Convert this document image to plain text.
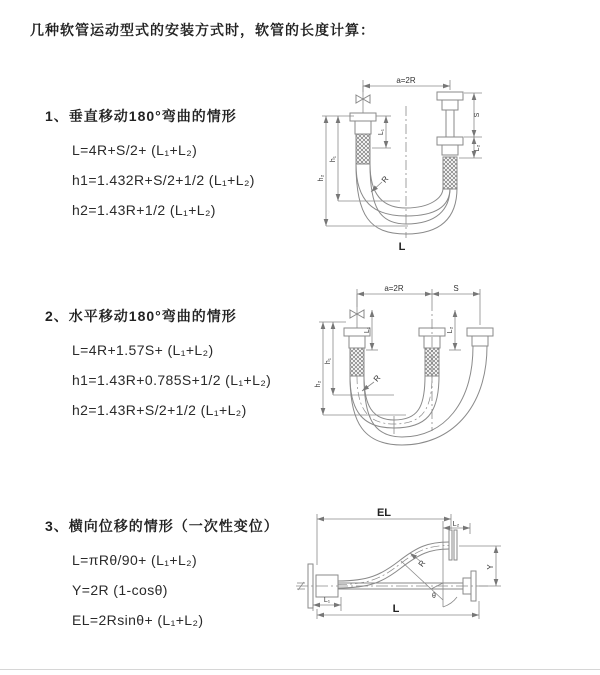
几种软管运动型式的安装方式时，软管的长度计算：
1、垂直移动180°弯曲的情形
L=4R+S/2+ (L₁+L₂)
h1=1.432R+S/2+1/2 (L₁+L₂)
h2=1.43R+1/2 (L₁+L₂)
2、水平移动180°弯曲的情形
L=4R+1.57S+ (L₁+L₂)
h1=1.43R+0.785S+1/2 (L₁+L₂)
h2=1.43R+S/2+1/2 (L₁+L₂)
3、横向位移的情形（一次性变位）
L=πRθ/90+ (L₁+L₂)
Y=2R (1-cosθ)
EL=2Rsinθ+ (L₁+L₂)
a=2R
L₁
S
L₂
h₁
h₂	R
L
a=2R	S
L₁	L₂
h₁
h₂
R
EL
L₂
Y
R
θ
L₁
L
